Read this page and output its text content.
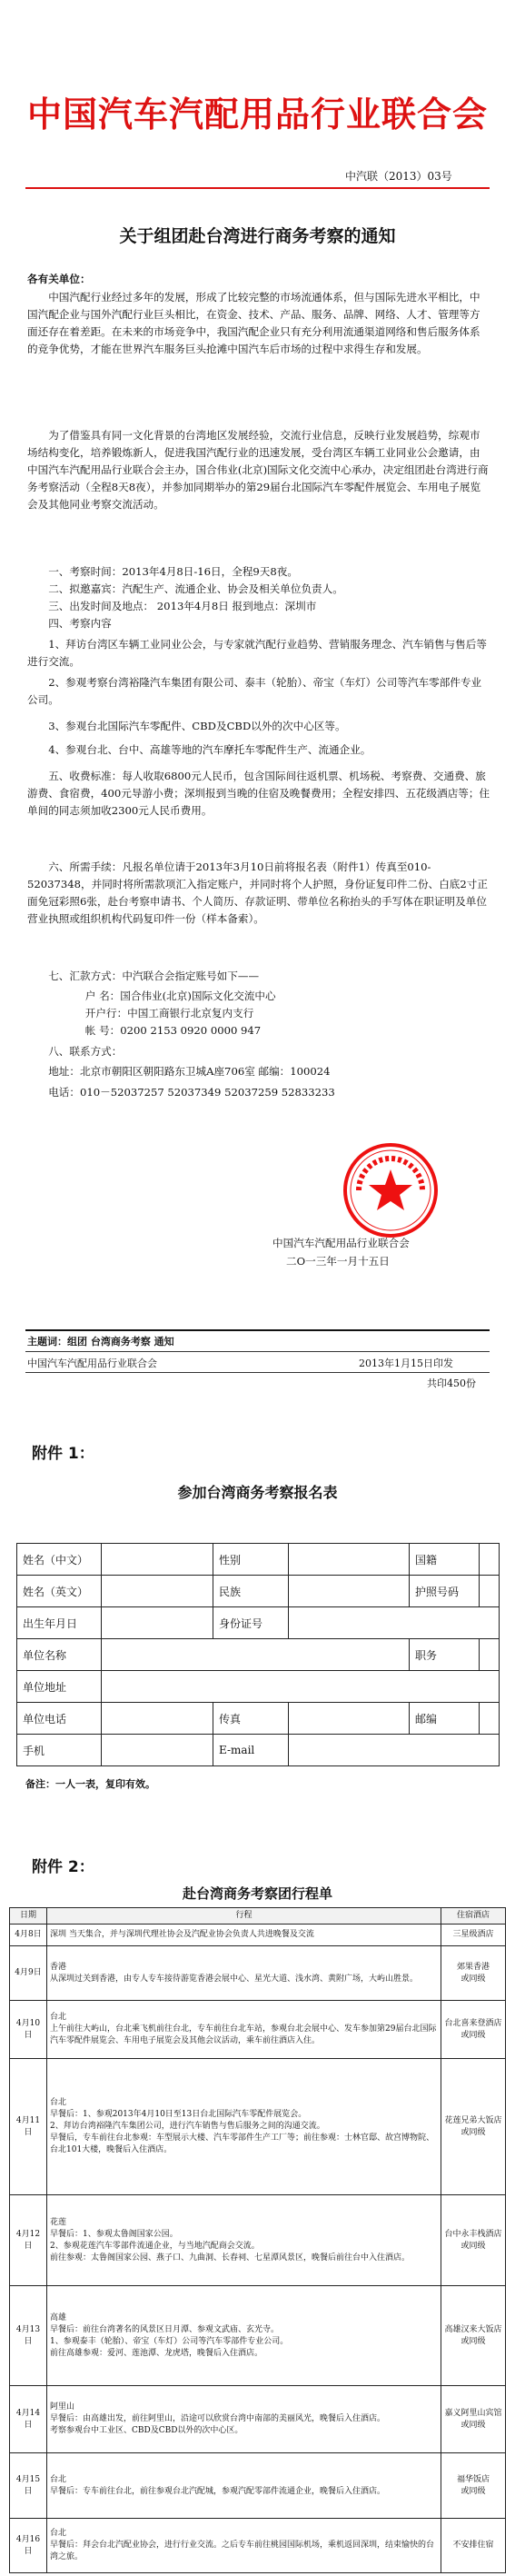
中国汽车汽配用品行业联合会
中汽联（2013）03号
关于组团赴台湾进行商务考察的通知
各有关单位：
中国汽配行业经过多年的发展，形成了比较完整的市场流通体系，但与国际先进水平相比，中国汽配企业与国外汽配行业巨头相比，在资金、技术、产品、服务、品牌、网络、人才、管理等方面还存在着差距。在未来的市场竞争中，我国汽配企业只有充分利用流通渠道网络和售后服务体系的竞争优势，才能在世界汽车服务巨头抢滩中国汽车后市场的过程中求得生存和发展。
为了借鉴具有同一文化背景的台湾地区发展经验，交流行业信息，反映行业发展趋势，综观市场结构变化，培养锻炼新人，促进我国汽配行业的迅速发展，受台湾区车辆工业同业公会邀请，由中国汽车汽配用品行业联合会主办，国合伟业(北京)国际文化交流中心承办，决定组团赴台湾进行商务考察活动（全程8天8夜），并参加同期举办的第29届台北国际汽车零配件展览会、车用电子展览会及其他同业考察交流活动。
一、考察时间：2013年4月8日-16日，全程9天8夜。
二、拟邀嘉宾：汽配生产、流通企业、协会及相关单位负责人。
三、出发时间及地点： 2013年4月8日 报到地点：深圳市
四、考察内容
1、拜访台湾区车辆工业同业公会，与专家就汽配行业趋势、营销服务理念、汽车销售与售后等进行交流。
2、参观考察台湾裕隆汽车集团有限公司、泰丰（轮胎）、帝宝（车灯）公司等汽车零部件专业公司。
3、参观台北国际汽车零配件、CBD及CBD以外的次中心区等。
4、参观台北、台中、高雄等地的汽车摩托车零配件生产、流通企业。
五、收费标准：每人收取6800元人民币，包含国际间往返机票、机场税、考察费、交通费、旅游费、食宿费，400元导游小费；深圳报到当晚的住宿及晚餐费用；全程安排四、五花级酒店等；住单间的同志须加收2300元人民币费用。
六、所需手续：凡报名单位请于2013年3月10日前将报名表（附件1）传真至010-52037348，并同时将所需款项汇入指定账户，并同时将个人护照，身份证复印件二份、白底2寸正面免冠彩照6张，赴台考察申请书、个人简历、存款证明、带单位名称抬头的手写体在职证明及单位营业执照或组织机构代码复印件一份（样本备索）。
七、汇款方式：中汽联合会指定账号如下——
户 名：国合伟业(北京)国际文化交流中心
开户行：中国工商银行北京复内支行
帐 号：0200 2153 0920 0000 947
八、联系方式：
地址：北京市朝阳区朝阳路东卫城A座706室 邮编：100024
电话：010－52037257 52037349 52037259 52833233
中国汽车汽配用品行业联合会
二O一三年一月十五日
主题词：组团 台湾商务考察 通知
中国汽车汽配用品行业联合会	2013年1月15日印发
共印450份
附件 1：
参加台湾商务考察报名表
姓名（中文）		性别		国籍	
姓名（英文）		民族		护照号码	
出生年月日		身份证号			
单位名称				职务	
单位地址					
单位电话		传真		邮编	
手机		E-mail			
备注：一人一表，复印有效。
附件 2：
赴台湾商务考察团行程单
日期	行程	住宿酒店
4月8日	深圳 当天集合，并与深圳代理社协会及汽配业协会负责人共进晚餐及交流	三星级酒店
4月9日	香港
从深圳过关到香港，由专人专车接待游览香港会展中心、星光大道、浅水湾、黄附广场，大屿山胜景。	郊果香港
或同级
4月10日	台北
上午前往大屿山，台北乘飞机前往台北，专车前往台北车站，参观台北会展中心、发车参加第29届台北国际汽车零配件展览会、车用电子展览会及其他会议活动，乘车前往酒店入住。	台北喜来登酒店
或同级
4月11日	台北
早餐后：1、参观2013年4月10日至13日台北国际汽车零配件展览会。
2、拜访台湾裕隆汽车集团公司，进行汽车销售与售后服务之间的沟通交流。
早餐后，专车前往台北参观：车型展示大楼、汽车零部件生产工厂等；前往参观：士林官邸、故宫博物院、台北101大楼，晚餐后入住酒店。	花莲兄弟大饭店
或同级
4月12日	花莲
早餐后：1、参观太鲁阁国家公园。
2、参观花莲汽车零部件流通企业，与当地汽配商会交流。
前往参观：太鲁阁国家公园、燕子口、九曲洞、长春祠、七星潭风景区，晚餐后前往台中入住酒店。	台中永丰栈酒店
或同级
4月13日	高雄
早餐后：前往台湾著名的风景区日月潭、参观文武庙、玄光寺。
1、参观泰丰（轮胎）、帝宝（车灯）公司等汽车零部件专业公司。
前往高雄参观：爱河、莲池潭、龙虎塔，晚餐后入住酒店。	高雄汉来大饭店
或同级
4月14日	阿里山
早餐后：由高雄出发，前往阿里山，沿途可以欣赏台湾中南部的美丽风光，晚餐后入住酒店。
考察参观台中工业区、CBD及CBD以外的次中心区。	嘉义阿里山宾馆
或同级
4月15日	台北
早餐后：专车前往台北，前往参观台北汽配城，参观汽配零部件流通企业，晚餐后入住酒店。	福华饭店
或同级
4月16日	台北
早餐后：拜会台北汽配业协会，进行行业交流。之后专车前往桃园国际机场，乘机返回深圳，结束愉快的台湾之旅。	不安排住宿
